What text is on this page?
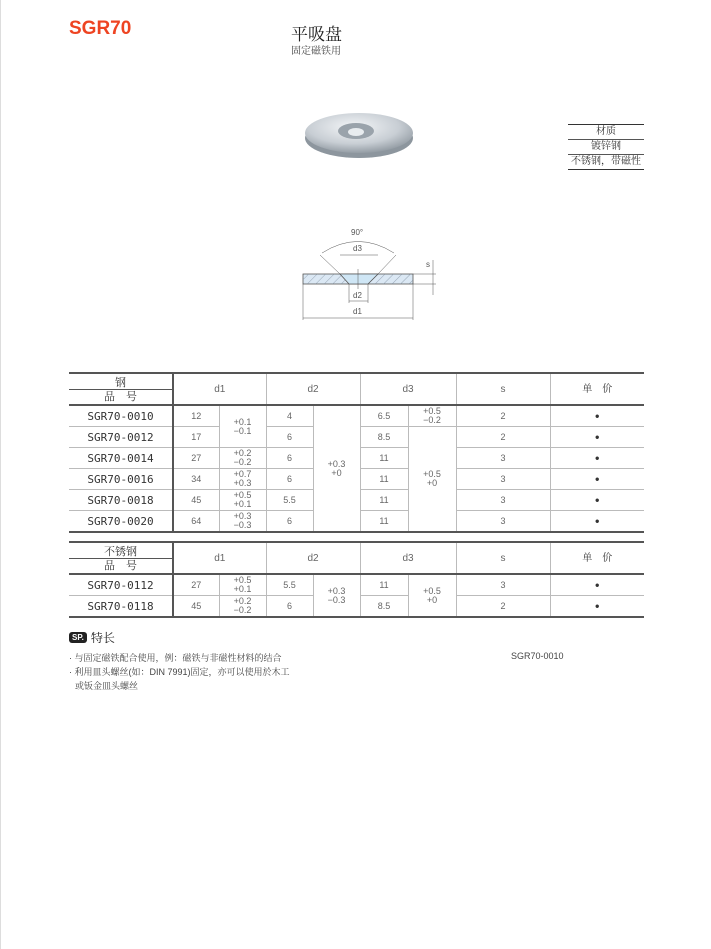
SGR70	平吸盘
固定磁铁用
材质
镀锌钢
不锈钢，带磁性
90°
d3
d2
d1
s
钢
品　号	d1		d2		d3		s	单　价
SGR70-0010	12	+0.1
−0.1	4	+0.3
+0	6.5	+0.5
−0.2	2	•
SGR70-0012	17		6		8.5	+0.5
+0	2	•
SGR70-0014	27	+0.2
−0.2	6		11		3	•
SGR70-0016	34	+0.7
+0.3	6		11		3	•
SGR70-0018	45	+0.5
+0.1	5.5		11		3	•
SGR70-0020	64	+0.3
−0.3	6		11		3	•
不锈钢
品　号	d1		d2		d3		s	单　价
SGR70-0112	27	+0.5
+0.1	5.5	+0.3
−0.3	11	+0.5
+0	3	•
SGR70-0118	45	+0.2
−0.2	6		8.5		2	•
SP. 特长
· 与固定磁铁配合使用，例：磁铁与非磁性材料的结合
· 利用皿头螺丝(如：DIN 7991)固定，亦可以使用於木工
或钣金皿头螺丝
SGR70-0010
